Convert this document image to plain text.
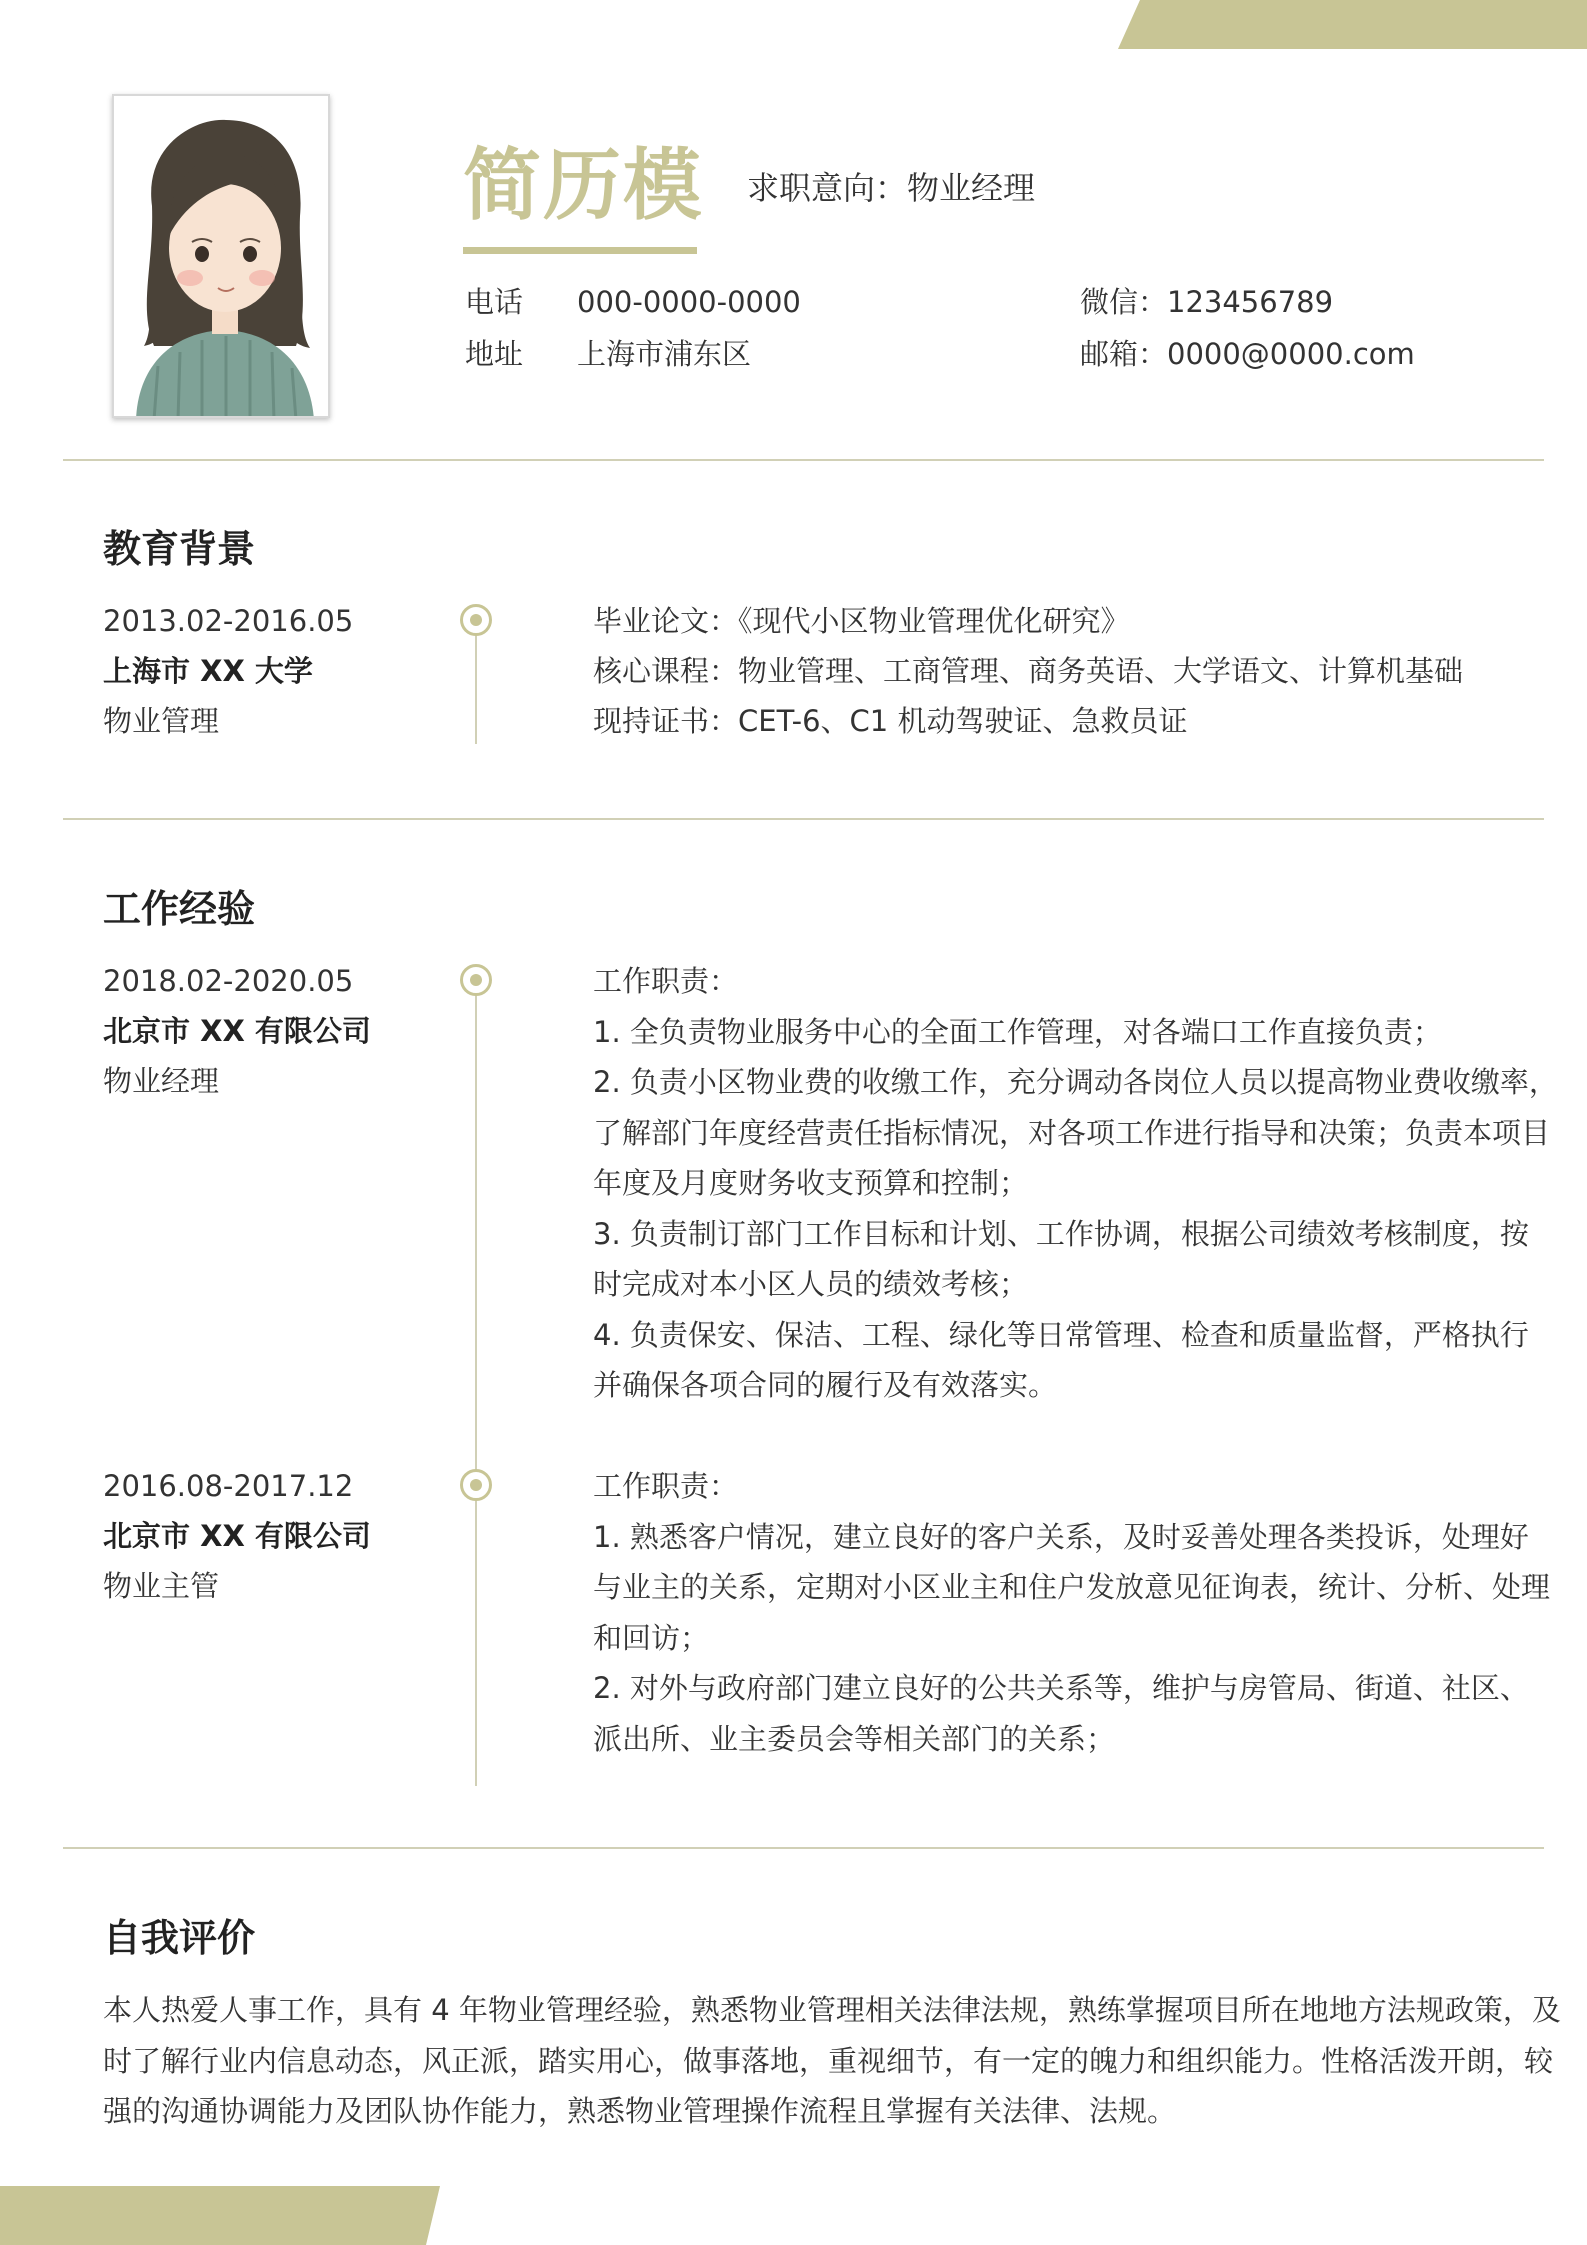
简历模 求职意向： 物业经理
电话 000-0000-0000
地址 上海市浦东区
微信：123456789
邮箱：0000@0000.com
教育背景
2013.02-2016.05
上海市 XX 大学
物业管理
毕业论文：《现代小区物业管理优化研究》
核心课程：物业管理、工商管理、商务英语、大学语文、计算机基础
现持证书：CET-6、C1 机动驾驶证、急救员证
工作经验
2018.02-2020.05
北京市 XX 有限公司
物业经理
工作职责：
1. 全负责物业服务中心的全面工作管理，对各端口工作直接负责；
2. 负责小区物业费的收缴工作，充分调动各岗位人员以提高物业费收缴率，
了解部门年度经营责任指标情况，对各项工作进行指导和决策；负责本项目
年度及月度财务收支预算和控制；
3. 负责制订部门工作目标和计划、工作协调，根据公司绩效考核制度，按
时完成对本小区人员的绩效考核；
4. 负责保安、保洁、工程、绿化等日常管理、检查和质量监督，严格执行
并确保各项合同的履行及有效落实。
2016.08-2017.12
北京市 XX 有限公司
物业主管
工作职责：
1. 熟悉客户情况，建立良好的客户关系，及时妥善处理各类投诉，处理好
与业主的关系，定期对小区业主和住户发放意见征询表，统计、分析、处理
和回访；
2. 对外与政府部门建立良好的公共关系等，维护与房管局、街道、社区、
派出所、业主委员会等相关部门的关系；
自我评价
本人热爱人事工作，具有 4 年物业管理经验，熟悉物业管理相关法律法规，熟练掌握项目所在地地方法规政策，及
时了解行业内信息动态，风正派，踏实用心，做事落地，重视细节，有一定的魄力和组织能力。性格活泼开朗，较
强的沟通协调能力及团队协作能力，熟悉物业管理操作流程且掌握有关法律、法规。
